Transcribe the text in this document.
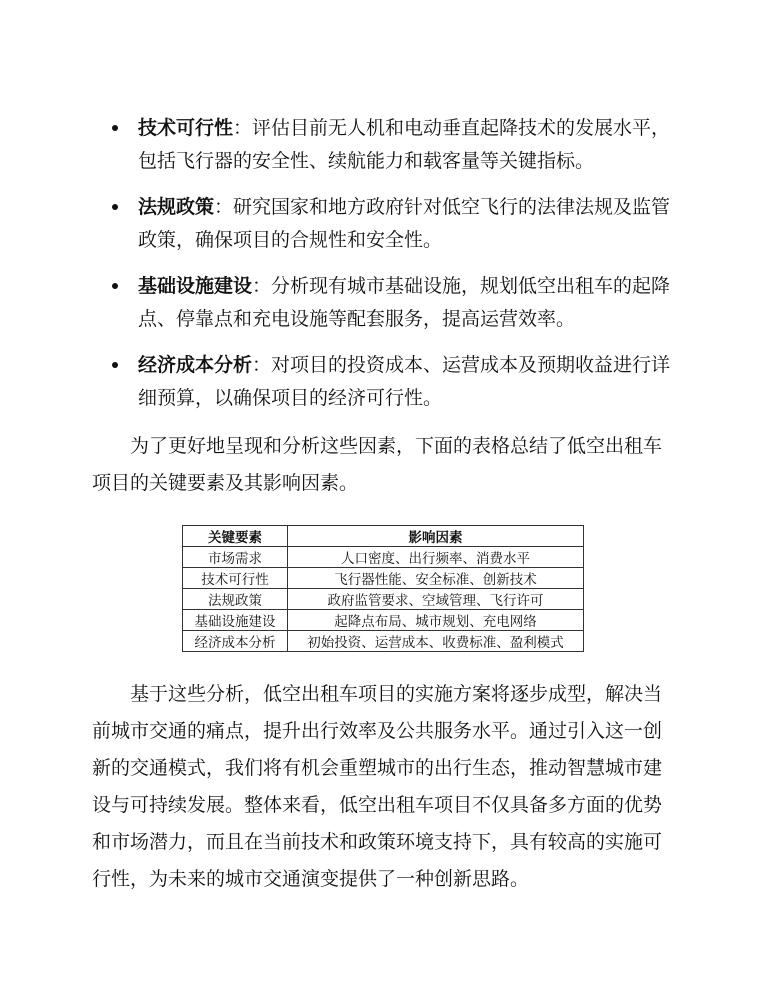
技术可行性：评估目前无人机和电动垂直起降技术的发展水平，包括飞行器的安全性、续航能力和载客量等关键指标。
法规政策：研究国家和地方政府针对低空飞行的法律法规及监管政策，确保项目的合规性和安全性。
基础设施建设：分析现有城市基础设施，规划低空出租车的起降点、停靠点和充电设施等配套服务，提高运营效率。
经济成本分析：对项目的投资成本、运营成本及预期收益进行详细预算，以确保项目的经济可行性。

为了更好地呈现和分析这些因素，下面的表格总结了低空出租车项目的关键要素及其影响因素。

关键要素	影响因素
市场需求	人口密度、出行频率、消费水平
技术可行性	飞行器性能、安全标准、创新技术
法规政策	政府监管要求、空域管理、飞行许可
基础设施建设	起降点布局、城市规划、充电网络
经济成本分析	初始投资、运营成本、收费标准、盈利模式

基于这些分析，低空出租车项目的实施方案将逐步成型，解决当前城市交通的痛点，提升出行效率及公共服务水平。通过引入这一创新的交通模式，我们将有机会重塑城市的出行生态，推动智慧城市建设与可持续发展。整体来看，低空出租车项目不仅具备多方面的优势和市场潜力，而且在当前技术和政策环境支持下，具有较高的实施可行性，为未来的城市交通演变提供了一种创新思路。
